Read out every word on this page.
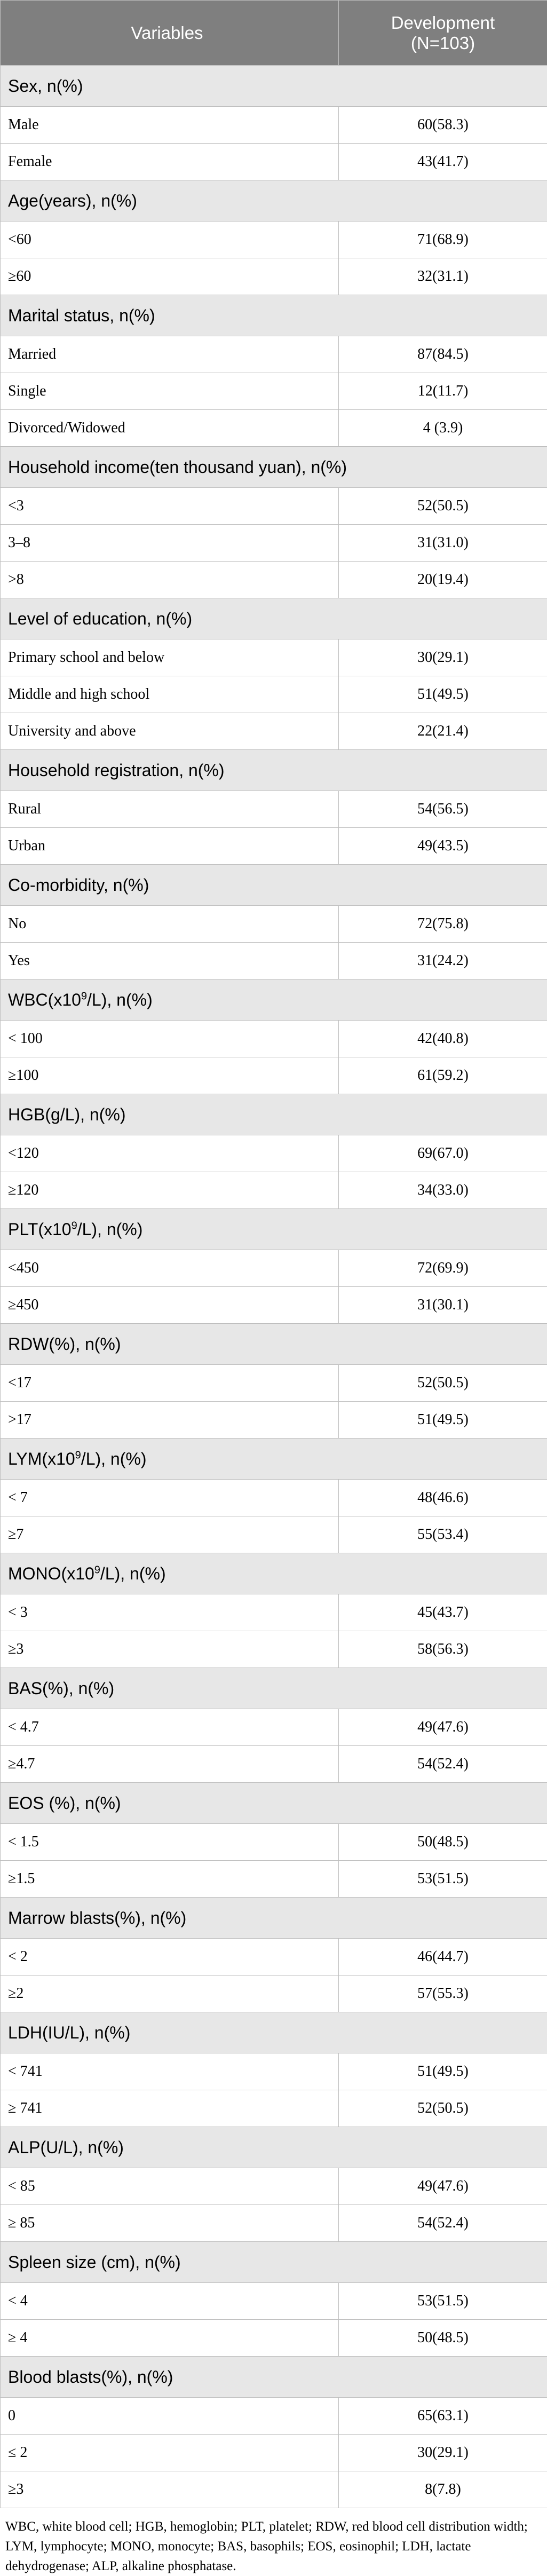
Variables	Development
(N=103)

Sex, n(%)	
Male	60(58.3)
Female	43(41.7)
Age(years), n(%)	
<60	71(68.9)
≥60	32(31.1)
Marital status, n(%)	
Married	87(84.5)
Single	12(11.7)
Divorced/Widowed	4 (3.9)
Household income(ten thousand yuan), n(%)	
<3	52(50.5)
3–8	31(31.0)
>8	20(19.4)
Level of education, n(%)	
Primary school and below	30(29.1)
Middle and high school	51(49.5)
University and above	22(21.4)
Household registration, n(%)	
Rural	54(56.5)
Urban	49(43.5)
Co-morbidity, n(%)	
No	72(75.8)
Yes	31(24.2)
$WBC(x10^9/L)$, n(%)	
< 100	42(40.8)
≥100	61(59.2)
HGB(g/L), n(%)	
<120	69(67.0)
≥120	34(33.0)
$PLT(x10^9/L)$, n(%)	
<450	72(69.9)
≥450	31(30.1)
RDW(%), n(%)	
<17	52(50.5)
>17	51(49.5)
$LYM(x10^9/L)$, n(%)	
< 7	48(46.6)
≥7	55(53.4)
$MONO(x10^9/L)$, n(%)	
< 3	45(43.7)
≥3	58(56.3)
BAS(%), n(%)	
< 4.7	49(47.6)
≥4.7	54(52.4)
EOS (%), n(%)	
< 1.5	50(48.5)
≥1.5	53(51.5)
Marrow blasts(%), n(%)	
< 2	46(44.7)
≥2	57(55.3)
LDH(IU/L), n(%)	
< 741	51(49.5)
≥ 741	52(50.5)
ALP(U/L), n(%)	
< 85	49(47.6)
≥ 85	54(52.4)
Spleen size (cm), n(%)	
< 4	53(51.5)
≥ 4	50(48.5)
Blood blasts(%), n(%)	
0	65(63.1)
≤ 2	30(29.1)
≥3	8(7.8)
WBC, white blood cell; HGB, hemoglobin; PLT, platelet; RDW, red blood cell distribution width; LYM, lymphocyte; MONO, monocyte; BAS, basophils; EOS, eosinophil; LDH, lactate dehydrogenase; ALP, alkaline phosphatase.
